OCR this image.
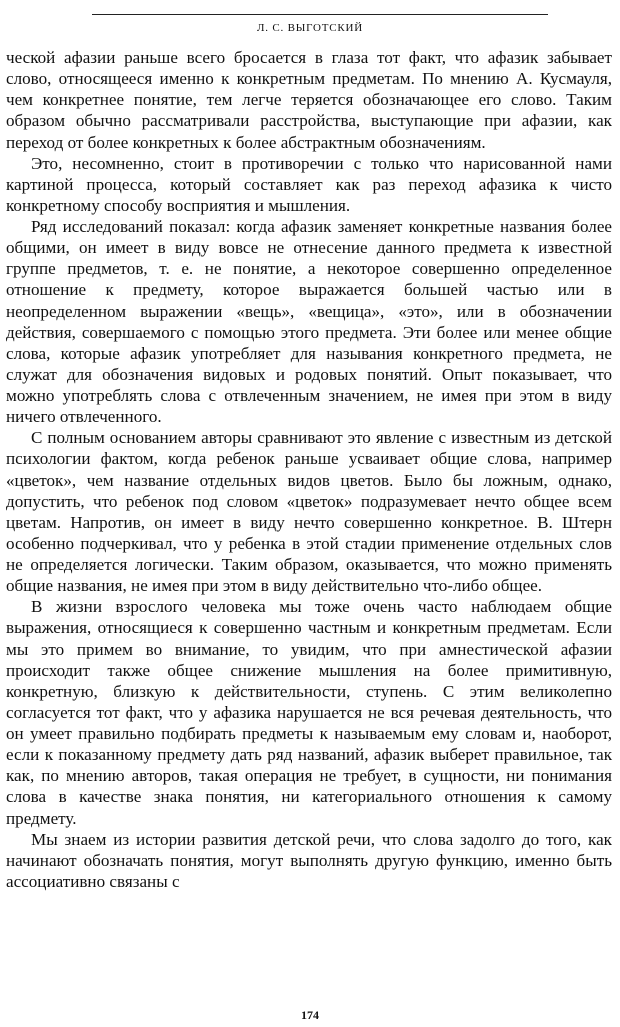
Л. С. ВЫГОТСКИЙ

ческой афазии раньше всего бросается в глаза тот факт, что афазик забывает слово, относящееся именно к конкретным предметам. По мнению А. Кусмауля, чем конкретнее понятие, тем легче теряется обозначающее его слово. Таким образом обычно рассматривали расстройства, выступающие при афазии, как переход от более конкретных к более абстрактным обозначениям.

Это, несомненно, стоит в противоречии с только что нарисованной нами картиной процесса, который составляет как раз переход афазика к чисто конкретному способу восприятия и мышления.

Ряд исследований показал: когда афазик заменяет конкретные названия более общими, он имеет в виду вовсе не отнесение данного предмета к известной группе предметов, т. е. не понятие, а некоторое совершенно определенное отношение к предмету, которое выражается большей частью или в неопределенном выражении «вещь», «вещица», «это», или в обозначении действия, совершаемого с помощью этого предмета. Эти более или менее общие слова, которые афазик употребляет для называния конкретного предмета, не служат для обозначения видовых и родовых понятий. Опыт показывает, что можно употреблять слова с отвлеченным значением, не имея при этом в виду ничего отвлеченного.

С полным основанием авторы сравнивают это явление с известным из детской психологии фактом, когда ребенок раньше усваивает общие слова, например «цветок», чем название отдельных видов цветов. Было бы ложным, однако, допустить, что ребенок под словом «цветок» подразумевает нечто общее всем цветам. Напротив, он имеет в виду нечто совершенно конкретное. В. Штерн особенно подчеркивал, что у ребенка в этой стадии применение отдельных слов не определяется логически. Таким образом, оказывается, что можно применять общие названия, не имея при этом в виду действительно что-либо общее.

В жизни взрослого человека мы тоже очень часто наблюдаем общие выражения, относящиеся к совершенно частным и конкретным предметам. Если мы это примем во внимание, то увидим, что при амнестической афазии происходит также общее снижение мышления на более примитивную, конкретную, близкую к действительности, ступень. С этим великолепно согласуется тот факт, что у афазика нарушается не вся речевая деятельность, что он умеет правильно подбирать предметы к называемым ему словам и, наоборот, если к показанному предмету дать ряд названий, афазик выберет правильное, так как, по мнению авторов, такая операция не требует, в сущности, ни понимания слова в качестве знака понятия, ни категориального отношения к самому предмету.

Мы знаем из истории развития детской речи, что слова задолго до того, как начинают обозначать понятия, могут выполнять другую функцию, именно быть ассоциативно связаны с

174
